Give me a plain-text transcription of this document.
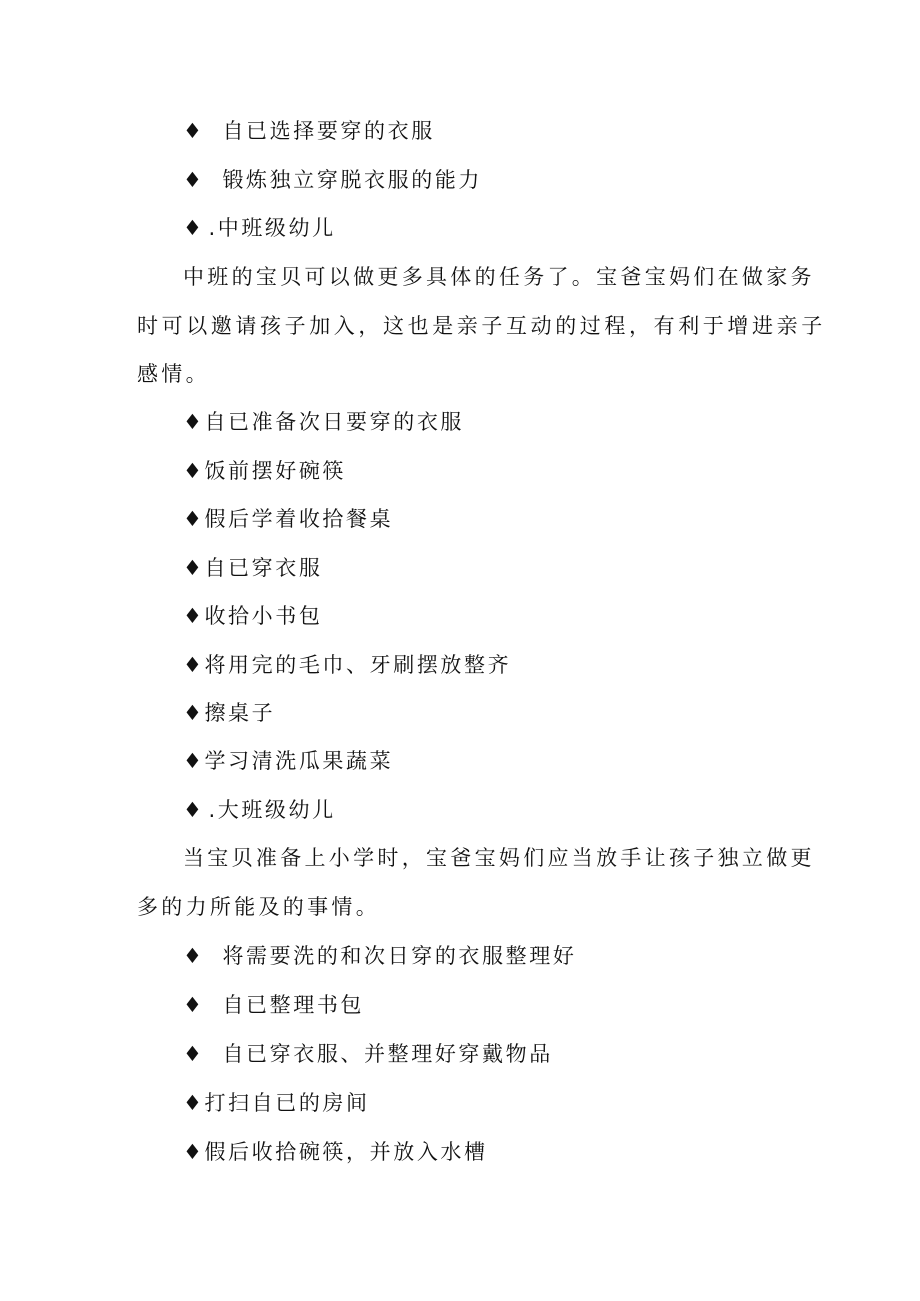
♦ 自已选择要穿的衣服
♦ 锻炼独立穿脱衣服的能力
♦ .中班级幼儿
中班的宝贝可以做更多具体的任务了。宝爸宝妈们在做家务
时可以邀请孩子加入，这也是亲子互动的过程，有利于增进亲子
感情。
♦自已准备次日要穿的衣服
♦饭前摆好碗筷
♦假后学着收拾餐桌
♦自已穿衣服
♦收拾小书包
♦将用完的毛巾、牙刷摆放整齐
♦擦桌子
♦学习清洗瓜果蔬菜
♦ .大班级幼儿
当宝贝准备上小学时，宝爸宝妈们应当放手让孩子独立做更
多的力所能及的事情。
♦ 将需要洗的和次日穿的衣服整理好
♦ 自已整理书包
♦ 自已穿衣服、并整理好穿戴物品
♦打扫自已的房间
♦假后收拾碗筷，并放入水槽
